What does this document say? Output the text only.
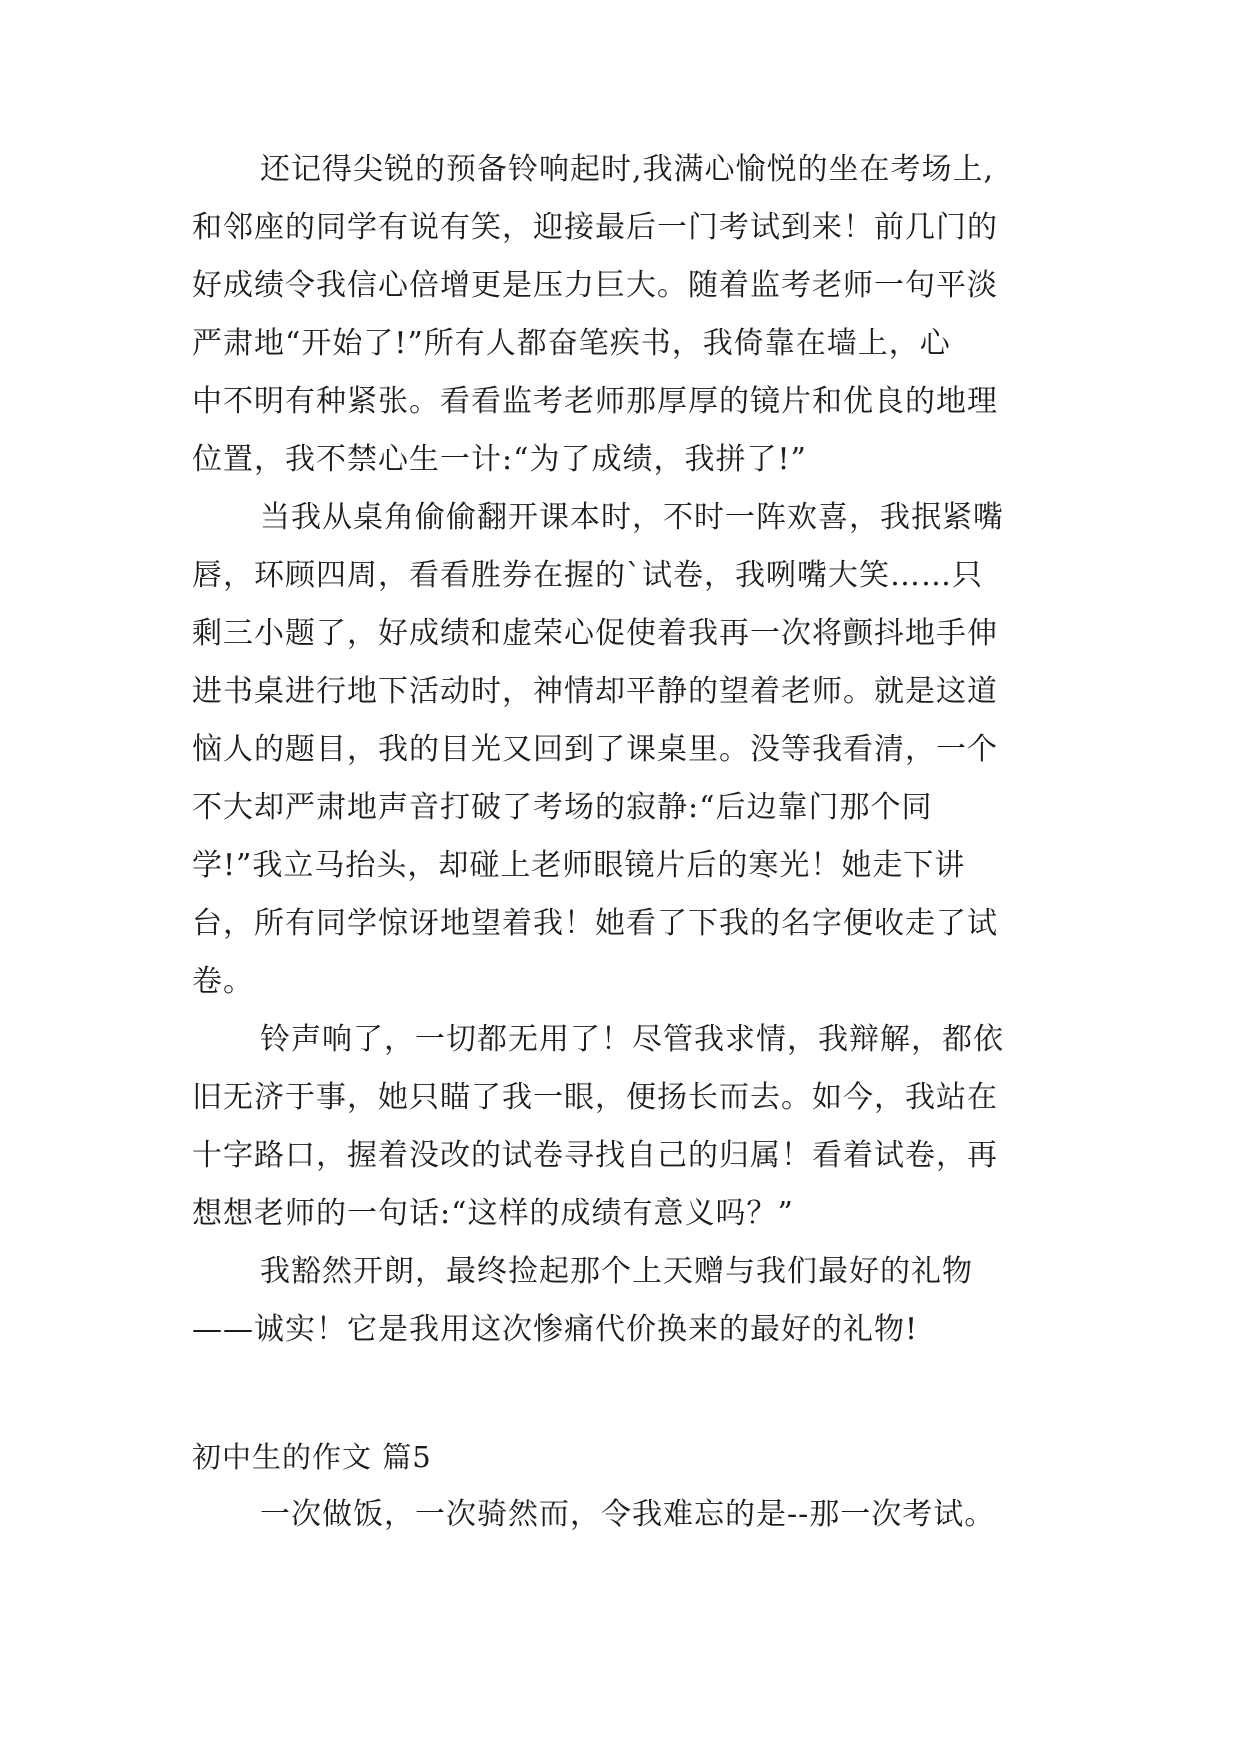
还记得尖锐的预备铃响起时,我满心愉悦的坐在考场上,
和邻座的同学有说有笑，迎接最后一门考试到来！前几门的
好成绩令我信心倍增更是压力巨大。随着监考老师一句平淡
严肃地“开始了!”所有人都奋笔疾书，我倚靠在墙上，心
中不明有种紧张。看看监考老师那厚厚的镜片和优良的地理
位置，我不禁心生一计:“为了成绩，我拼了!”
当我从桌角偷偷翻开课本时，不时一阵欢喜，我抿紧嘴
唇，环顾四周，看看胜券在握的`试卷，我咧嘴大笑……只
剩三小题了，好成绩和虚荣心促使着我再一次将颤抖地手伸
进书桌进行地下活动时，神情却平静的望着老师。就是这道
恼人的题目，我的目光又回到了课桌里。没等我看清，一个
不大却严肃地声音打破了考场的寂静:“后边靠门那个同
学!”我立马抬头，却碰上老师眼镜片后的寒光！她走下讲
台，所有同学惊讶地望着我！她看了下我的名字便收走了试
卷。
铃声响了，一切都无用了！尽管我求情，我辩解，都依
旧无济于事，她只瞄了我一眼，便扬长而去。如今，我站在
十字路口，握着没改的试卷寻找自己的归属！看着试卷，再
想想老师的一句话:“这样的成绩有意义吗？”
我豁然开朗，最终捡起那个上天赠与我们最好的礼物
——诚实！它是我用这次惨痛代价换来的最好的礼物!
初中生的作文 篇5
一次做饭，一次骑然而，令我难忘的是--那一次考试。
